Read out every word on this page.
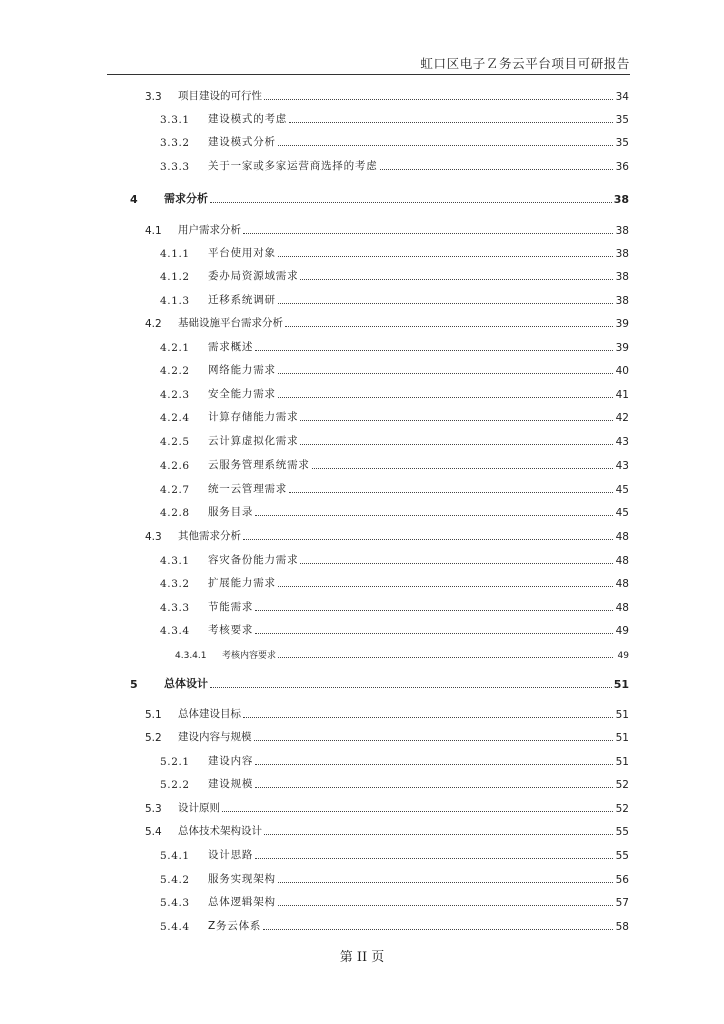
虹口区电子Ｚ务云平台项目可研报告
3.3	项目建设的可行性	34
3.3.1	建设模式的考虑	35
3.3.2	建设模式分析	35
3.3.3	关于一家或多家运营商选择的考虑	36
4	需求分析	38
4.1	用户需求分析	38
4.1.1	平台使用对象	38
4.1.2	委办局资源域需求	38
4.1.3	迁移系统调研	38
4.2	基础设施平台需求分析	39
4.2.1	需求概述	39
4.2.2	网络能力需求	40
4.2.3	安全能力需求	41
4.2.4	计算存储能力需求	42
4.2.5	云计算虚拟化需求	43
4.2.6	云服务管理系统需求	43
4.2.7	统一云管理需求	45
4.2.8	服务目录	45
4.3	其他需求分析	48
4.3.1	容灾备份能力需求	48
4.3.2	扩展能力需求	48
4.3.3	节能需求	48
4.3.4	考核要求	49
4.3.4.1	考核内容要求	49
5	总体设计	51
5.1	总体建设目标	51
5.2	建设内容与规模	51
5.2.1	建设内容	51
5.2.2	建设规模	52
5.3	设计原则	52
5.4	总体技术架构设计	55
5.4.1	设计思路	55
5.4.2	服务实现架构	56
5.4.3	总体逻辑架构	57
5.4.4	Z务云体系	58
第 II 页
